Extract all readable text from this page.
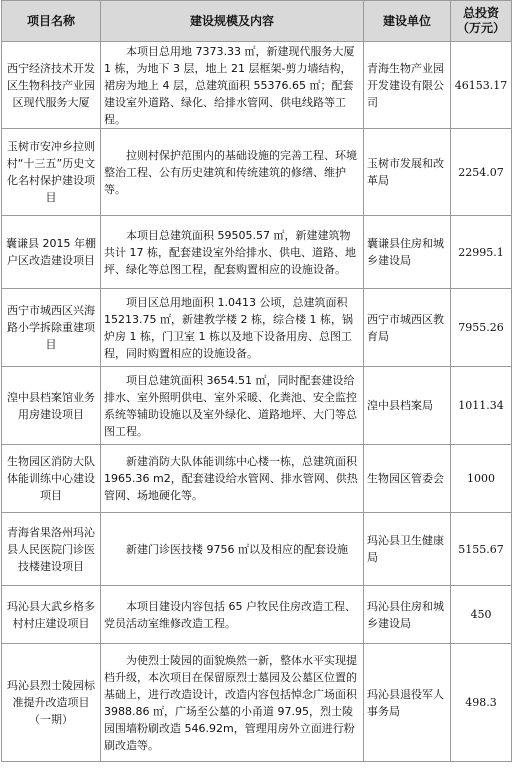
项目名称	建设规模及内容	建设单位	总投资
（万元）

西宁经济技术开发区生物科技产业园区现代服务大厦	本项目总用地 7373.33 ㎡，新建现代服务大厦 1 栋，为地下 3 层，地上 21 层框架-剪力墙结构，裙房为地上 4 层，总建筑面积 55376.65 ㎡；配套建设室外道路、绿化、给排水管网、供电线路等工程。	青海生物产业园开发建设有限公司	46153.17
玉树市安冲乡拉则村“十三五”历史文化名村保护建设项目	拉则村保护范围内的基础设施的完善工程、环境整治工程、公有历史建筑和传统建筑的修缮、维护等。	玉树市发展和改革局	2254.07
囊谦县 2015 年棚户区改造建设项目	本项目总建筑面积 59505.57 ㎡，新建建筑物共计 17 栋，配套建设室外给排水、供电、道路、地坪、绿化等总图工程，配套购置相应的设施设备。	囊谦县住房和城乡建设局	22995.1
西宁市城西区兴海路小学拆除重建项目	项目区总用地面积 1.0413 公顷，总建筑面积 15213.75 ㎡，新建教学楼 2 栋，综合楼 1 栋，锅炉房 1 栋，门卫室 1 栋以及地下设备用房、总图工程，同时购置相应的设施设备。	西宁市城西区教育局	7955.26
湟中县档案馆业务用房建设项目	项目总建筑面积 3654.51 ㎡，同时配套建设给排水、室外照明供电、室外采暖、化粪池、安全监控系统等辅助设施以及室外绿化、道路地坪、大门等总图工程。	湟中县档案局	1011.34
生物园区消防大队体能训练中心建设项目	新建消防大队体能训练中心楼一栋，总建筑面积 1965.36 m2，配套建设给水管网、排水管网、供热管网、场地硬化等。	生物园区管委会	1000
青海省果洛州玛沁县人民医院门诊医技楼建设项目	新建门诊医技楼 9756 ㎡以及相应的配套设施	玛沁县卫生健康局	5155.67
玛沁县大武乡格多村村庄建设项目	本项目建设内容包括 65 户牧民住房改造工程、党员活动室维修改造工程。	玛沁县住房和城乡建设局	450
玛沁县烈士陵园标准提升改造项目（一期）	为使烈士陵园的面貌焕然一新，整体水平实现提档升级，本次项目在保留原烈士墓园及公墓区位置的基础上，进行改造设计，改造内容包括悼念广场面积 3988.86 ㎡，广场至公墓的小甬道 97.95，烈士陵园围墙粉刷改造 546.92m，管理用房外立面进行粉刷改造等。	玛沁县退役军人事务局	498.3
